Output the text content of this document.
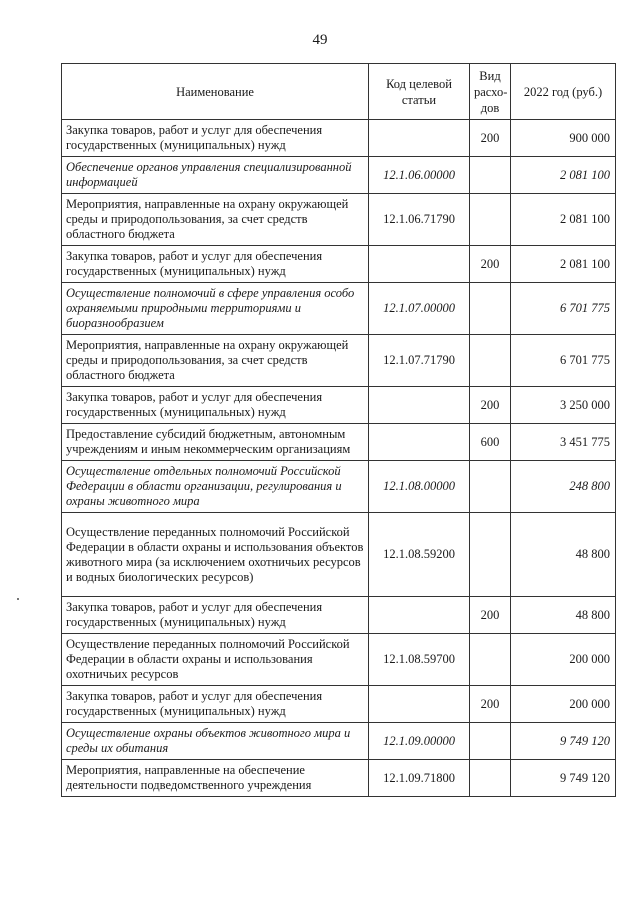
49
Наименование	Код целевой статьи	Вид расхо-дов	2022 год (руб.)
Закупка товаров, работ и услуг для обеспечения государственных (муниципальных) нужд		200	900 000
Обеспечение органов управления специализированной информацией	12.1.06.00000		2 081 100
Мероприятия, направленные на охрану окружающей среды и природопользования, за счет средств областного бюджета	12.1.06.71790		2 081 100
Закупка товаров, работ и услуг для обеспечения государственных (муниципальных) нужд		200	2 081 100
Осуществление полномочий в сфере управления особо охраняемыми природными территориями и биоразнообразием	12.1.07.00000		6 701 775
Мероприятия, направленные на охрану окружающей среды и природопользования, за счет средств областного бюджета	12.1.07.71790		6 701 775
Закупка товаров, работ и услуг для обеспечения государственных (муниципальных) нужд		200	3 250 000
Предоставление субсидий бюджетным, автономным учреждениям и иным некоммерческим организациям		600	3 451 775
Осуществление отдельных полномочий Российской Федерации в области организации, регулирования и охраны животного мира	12.1.08.00000		248 800
Осуществление переданных полномочий Российской Федерации в области охраны и использования объектов животного мира (за исключением охотничьих ресурсов и водных биологических ресурсов)	12.1.08.59200		48 800
Закупка товаров, работ и услуг для обеспечения государственных (муниципальных) нужд		200	48 800
Осуществление переданных полномочий Российской Федерации в области охраны и использования охотничьих ресурсов	12.1.08.59700		200 000
Закупка товаров, работ и услуг для обеспечения государственных (муниципальных) нужд		200	200 000
Осуществление охраны объектов животного мира и среды их обитания	12.1.09.00000		9 749 120
Мероприятия, направленные на обеспечение деятельности подведомственного учреждения	12.1.09.71800		9 749 120
